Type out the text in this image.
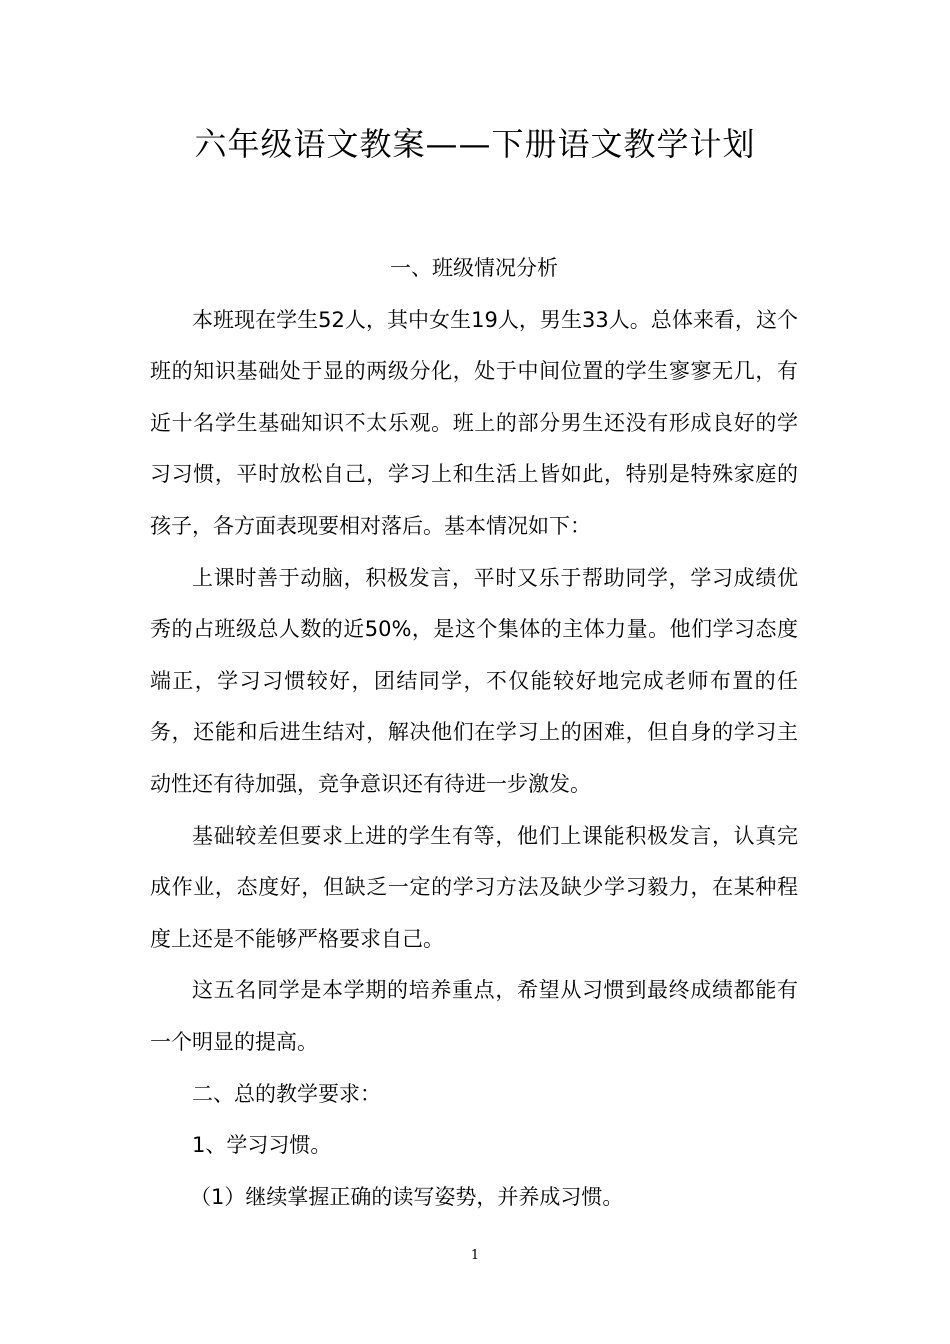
六年级语文教案——下册语文教学计划

一、班级情况分析

本班现在学生52人，其中女生19人，男生33人。总体来看，这个班的知识基础处于显的两级分化，处于中间位置的学生寥寥无几，有近十名学生基础知识不太乐观。班上的部分男生还没有形成良好的学习习惯，平时放松自己，学习上和生活上皆如此，特别是特殊家庭的孩子，各方面表现要相对落后。基本情况如下：

上课时善于动脑，积极发言，平时又乐于帮助同学，学习成绩优秀的占班级总人数的近50%，是这个集体的主体力量。他们学习态度端正，学习习惯较好，团结同学，不仅能较好地完成老师布置的任务，还能和后进生结对，解决他们在学习上的困难，但自身的学习主动性还有待加强，竞争意识还有待进一步激发。

基础较差但要求上进的学生有等，他们上课能积极发言，认真完成作业，态度好，但缺乏一定的学习方法及缺少学习毅力，在某种程度上还是不能够严格要求自己。

这五名同学是本学期的培养重点，希望从习惯到最终成绩都能有一个明显的提高。

二、总的教学要求：

1、学习习惯。

（1）继续掌握正确的读写姿势，并养成习惯。

1
